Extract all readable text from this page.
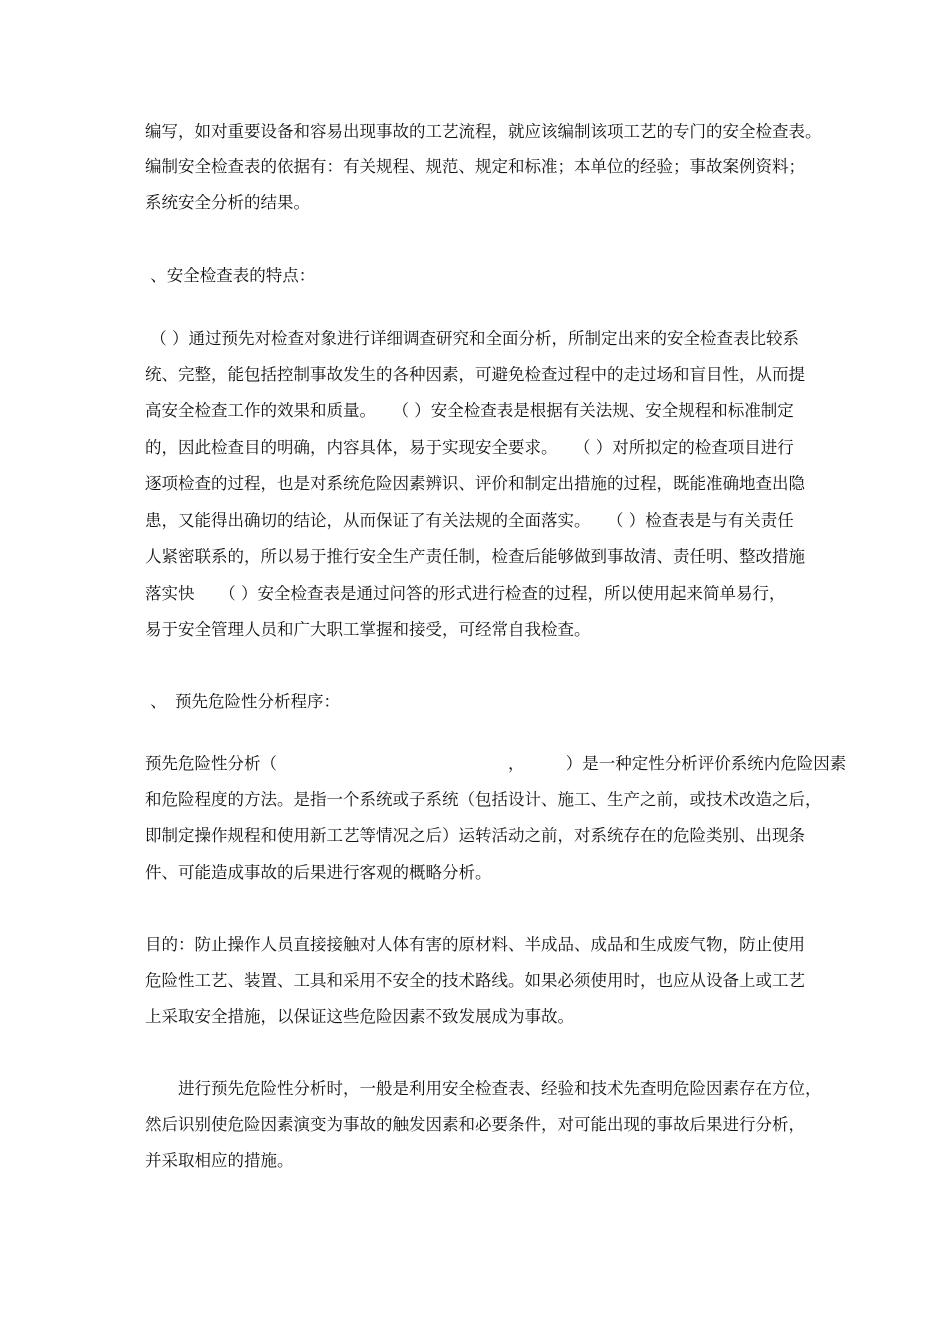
编写，如对重要设备和容易出现事故的工艺流程，就应该编制该项工艺的专门的安全检查表。
编制安全检查表的依据有：有关规程、规范、规定和标准；本单位的经验；事故案例资料；
系统安全分析的结果。
、安全检查表的特点：
（ ）通过预先对检查对象进行详细调查研究和全面分析，所制定出来的安全检查表比较系
统、完整，能包括控制事故发生的各种因素，可避免检查过程中的走过场和盲目性，从而提
高安全检查工作的效果和质量。　　（ ）安全检查表是根据有关法规、安全规程和标准制定
的，因此检查目的明确，内容具体，易于实现安全要求。　　（ ）对所拟定的检查项目进行
逐项检查的过程，也是对系统危险因素辨识、评价和制定出措施的过程，既能准确地查出隐
患，又能得出确切的结论，从而保证了有关法规的全面落实。　　（ ）检查表是与有关责任
人紧密联系的，所以易于推行安全生产责任制，检查后能够做到事故清、责任明、整改措施
落实快　　（ ）安全检查表是通过问答的形式进行检查的过程，所以使用起来简单易行，
易于安全管理人员和广大职工掌握和接受，可经常自我检查。
、　预先危险性分析程序：
预先危险性分析（　　　　　　　　　　　　　　，　　　）是一种定性分析评价系统内危险因素
和危险程度的方法。是指一个系统或子系统（包括设计、施工、生产之前，或技术改造之后，
即制定操作规程和使用新工艺等情况之后）运转活动之前，对系统存在的危险类别、出现条
件、可能造成事故的后果进行客观的概略分析。
目的：防止操作人员直接接触对人体有害的原材料、半成品、成品和生成废气物，防止使用
危险性工艺、装置、工具和采用不安全的技术路线。如果必须使用时，也应从设备上或工艺
上采取安全措施，以保证这些危险因素不致发展成为事故。
　　进行预先危险性分析时，一般是利用安全检查表、经验和技术先查明危险因素存在方位，
然后识别使危险因素演变为事故的触发因素和必要条件，对可能出现的事故后果进行分析，
并采取相应的措施。
